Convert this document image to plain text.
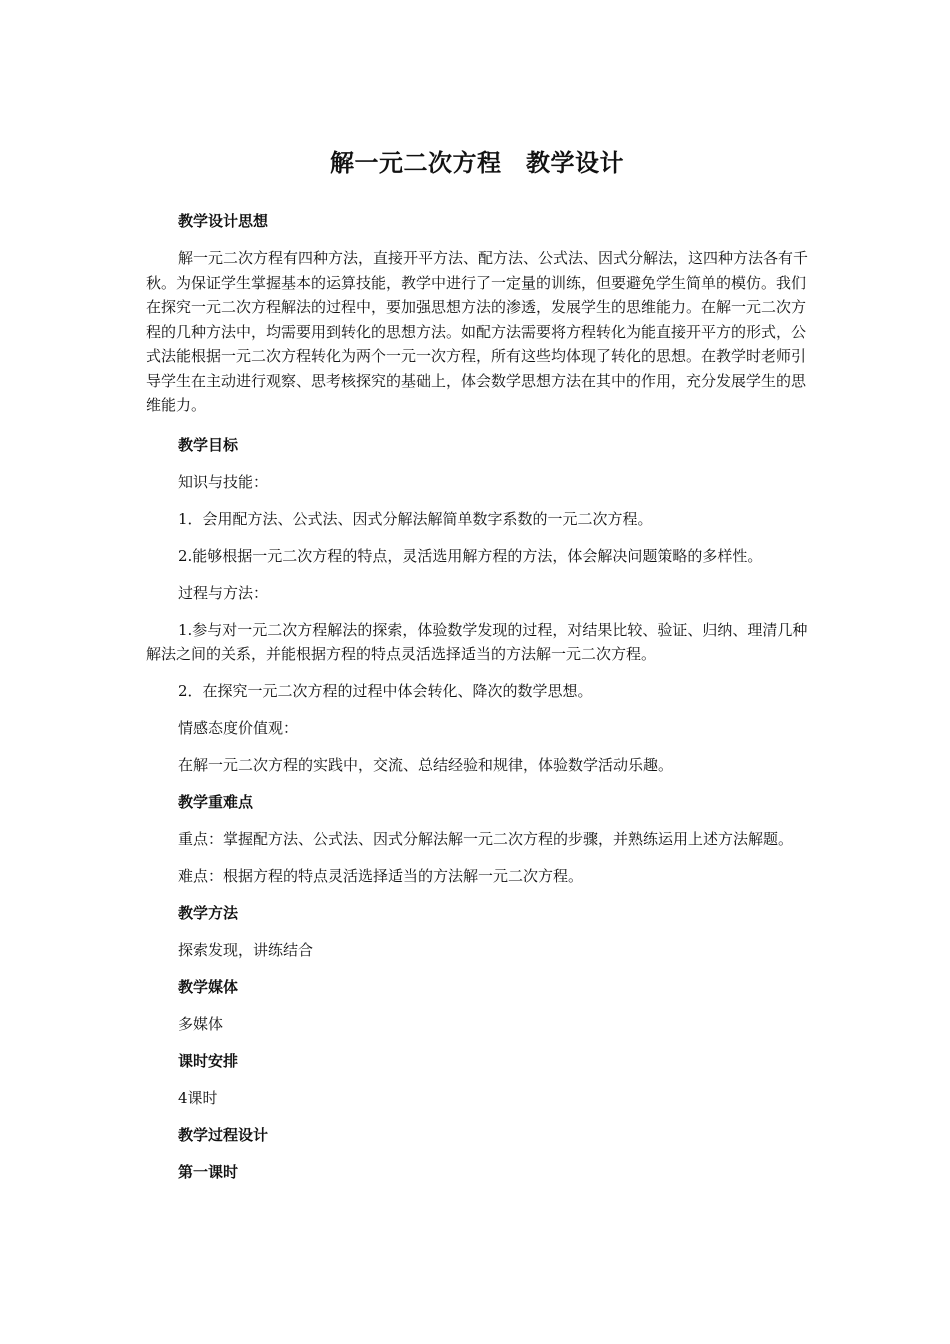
解一元二次方程　教学设计

教学设计思想

解一元二次方程有四种方法，直接开平方法、配方法、公式法、因式分解法，这四种方法各有千秋。为保证学生掌握基本的运算技能，教学中进行了一定量的训练，但要避免学生简单的模仿。我们在探究一元二次方程解法的过程中，要加强思想方法的渗透，发展学生的思维能力。在解一元二次方程的几种方法中，均需要用到转化的思想方法。如配方法需要将方程转化为能直接开平方的形式，公式法能根据一元二次方程转化为两个一元一次方程，所有这些均体现了转化的思想。在教学时老师引导学生在主动进行观察、思考核探究的基础上，体会数学思想方法在其中的作用，充分发展学生的思维能力。

教学目标

知识与技能：

1．会用配方法、公式法、因式分解法解简单数字系数的一元二次方程。

2.能够根据一元二次方程的特点，灵活选用解方程的方法，体会解决问题策略的多样性。

过程与方法：

1.参与对一元二次方程解法的探索，体验数学发现的过程，对结果比较、验证、归纳、理清几种解法之间的关系，并能根据方程的特点灵活选择适当的方法解一元二次方程。

2．在探究一元二次方程的过程中体会转化、降次的数学思想。

情感态度价值观：

在解一元二次方程的实践中，交流、总结经验和规律，体验数学活动乐趣。

教学重难点

重点：掌握配方法、公式法、因式分解法解一元二次方程的步骤，并熟练运用上述方法解题。

难点：根据方程的特点灵活选择适当的方法解一元二次方程。

教学方法

探索发现，讲练结合

教学媒体

多媒体

课时安排

4课时

教学过程设计

第一课时
